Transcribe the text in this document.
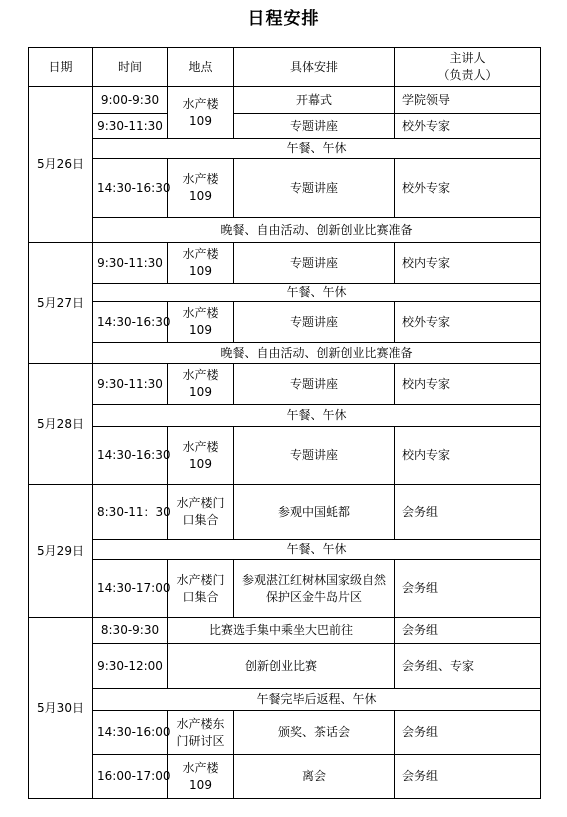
日程安排
日期	时间	地点	具体安排	主讲人
（负责人）
5月26日	9:00-9:30	水产楼109	开幕式	学院领导
	9:30-11:30		专题讲座	校外专家
	午餐、午休			
	14:30-16:30	水产楼109	专题讲座	校外专家
	晚餐、自由活动、创新创业比赛准备			
5月27日	9:30-11:30	水产楼109	专题讲座	校内专家
	午餐、午休			
	14:30-16:30	水产楼109	专题讲座	校外专家
	晚餐、自由活动、创新创业比赛准备			
5月28日	9:30-11:30	水产楼109	专题讲座	校内专家
	午餐、午休			
	14:30-16:30	水产楼109	专题讲座	校内专家
5月29日	8:30-11：30	水产楼门口集合	参观中国蚝都	会务组
	午餐、午休			
	14:30-17:00	水产楼门口集合	参观湛江红树林国家级自然保护区金牛岛片区	会务组
5月30日	8:30-9:30	比赛选手集中乘坐大巴前往		会务组
	9:30-12:00	创新创业比赛		会务组、专家
	午餐完毕后返程、午休			
	14:30-16:00	水产楼东门研讨区	颁奖、茶话会	会务组
	16:00-17:00	水产楼109	离会	会务组
